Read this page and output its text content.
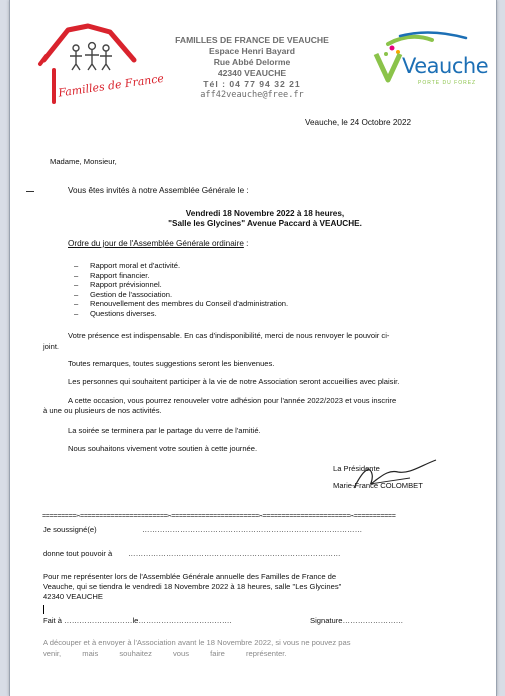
Familles de France
FAMILLES DE FRANCE DE VEAUCHE
Espace Henri Bayard
Rue Abbé Delorme
42340 VEAUCHE
Tél : 04 77 94 32 21
aff42veauche@free.fr
Veauche
PORTE DU FOREZ
Veauche, le 24 Octobre 2022
Madame, Monsieur,
Vous êtes invités à notre Assemblée Générale le :
Vendredi 18 Novembre 2022 à 18 heures,
"Salle les Glycines" Avenue Paccard à VEAUCHE.
Ordre du jour de l'Assemblée Générale ordinaire :
– Rapport moral et d'activité.
– Rapport financier.
– Rapport prévisionnel.
– Gestion de l'association.
– Renouvellement des membres du Conseil d'administration.
– Questions diverses.
Votre présence est indispensable. En cas d'indisponibilité, merci de nous renvoyer le pouvoir ci-
joint.
Toutes remarques, toutes suggestions seront les bienvenues.
Les personnes qui souhaitent participer à la vie de notre Association seront accueillies avec plaisir.
A cette occasion, vous pourrez renouveler votre adhésion pour l'année 2022/2023 et vous inscrire
à une ou plusieurs de nos activités.
La soirée se terminera par le partage du verre de l'amitié.
Nous souhaitons vivement votre soutien à cette journée.
La Présidente
Marie-France COLOMBET
=========✂=======================✂=======================✂=======================✂===========
Je soussigné(e)	……………………………………………………………………………
donne tout pouvoir à …………………………………………………………………………
Pour me représenter lors de l'Assemblée Générale annuelle des Familles de France de
Veauche, qui se tiendra le vendredi 18 Novembre 2022 à 18 heures, salle "Les Glycines"
42340 VEAUCHE
Fait à ………………………le……………………………….	Signature……………………
A découper et à envoyer à l'Association avant le 18 Novembre 2022, si vous ne pouvez pas
venir,          mais          souhaitez          vous          faire          représenter.
